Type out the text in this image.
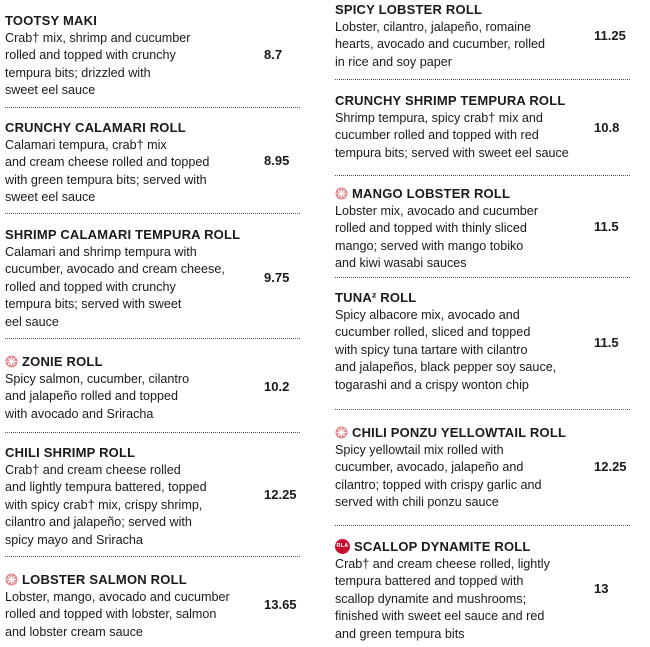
TOOTSY MAKI
Crab† mix, shrimp and cucumber
rolled and topped with crunchy
tempura bits; drizzled with
sweet eel sauce
8.7
CRUNCHY CALAMARI ROLL
Calamari tempura, crab† mix
and cream cheese rolled and topped
with green tempura bits; served with
sweet eel sauce
8.95
SHRIMP CALAMARI TEMPURA ROLL
Calamari and shrimp tempura with
cucumber, avocado and cream cheese,
rolled and topped with crunchy
tempura bits; served with sweet
eel sauce
9.75
ZONIE ROLL
Spicy salmon, cucumber, cilantro
and jalapeño rolled and topped
with avocado and Sriracha
10.2
CHILI SHRIMP ROLL
Crab† and cream cheese rolled
and lightly tempura battered, topped
with spicy crab† mix, crispy shrimp,
cilantro and jalapeño; served with
spicy mayo and Sriracha
12.25
LOBSTER SALMON ROLL
Lobster, mango, avocado and cucumber
rolled and topped with lobster, salmon
and lobster cream sauce
13.65
SPICY LOBSTER ROLL
Lobster, cilantro, jalapeño, romaine
hearts, avocado and cucumber, rolled
in rice and soy paper
11.25
CRUNCHY SHRIMP TEMPURA ROLL
Shrimp tempura, spicy crab† mix and
cucumber rolled and topped with red
tempura bits; served with sweet eel sauce
10.8
MANGO LOBSTER ROLL
Lobster mix, avocado and cucumber
rolled and topped with thinly sliced
mango; served with mango tobiko
and kiwi wasabi sauces
11.5
TUNA² ROLL
Spicy albacore mix, avocado and
cucumber rolled, sliced and topped
with spicy tuna tartare with cilantro
and jalapeños, black pepper soy sauce,
togarashi and a crispy wonton chip
11.5
CHILI PONZU YELLOWTAIL ROLL
Spicy yellowtail mix rolled with
cucumber, avocado, jalapeño and
cilantro; topped with crispy garlic and
served with chili ponzu sauce
12.25
RLA SCALLOP DYNAMITE ROLL
Crab† and cream cheese rolled, lightly
tempura battered and topped with
scallop dynamite and mushrooms;
finished with sweet eel sauce and red
and green tempura bits
13
